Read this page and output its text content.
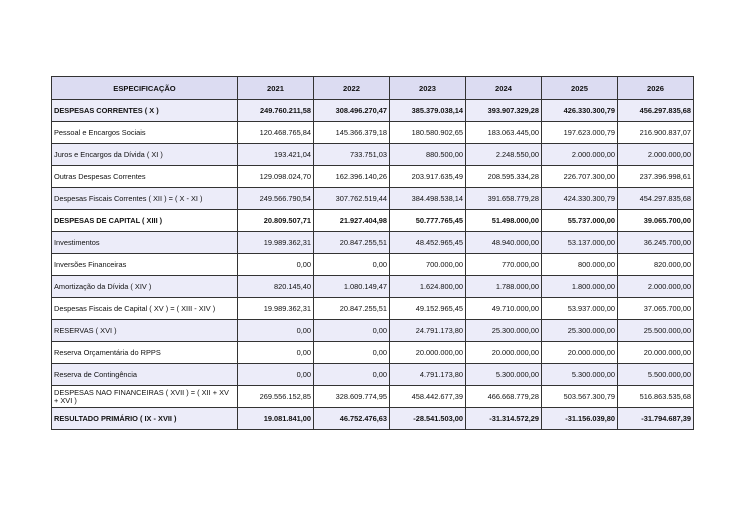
ESPECIFICAÇÃO	2021	2022	2023	2024	2025	2026
DESPESAS CORRENTES ( X )	249.760.211,58	308.496.270,47	385.379.038,14	393.907.329,28	426.330.300,79	456.297.835,68
Pessoal e Encargos Sociais	120.468.765,84	145.366.379,18	180.580.902,65	183.063.445,00	197.623.000,79	216.900.837,07
Juros e Encargos da Dívida ( XI )	193.421,04	733.751,03	880.500,00	2.248.550,00	2.000.000,00	2.000.000,00
Outras Despesas Correntes	129.098.024,70	162.396.140,26	203.917.635,49	208.595.334,28	226.707.300,00	237.396.998,61
Despesas Fiscais Correntes ( XII ) = ( X - XI )	249.566.790,54	307.762.519,44	384.498.538,14	391.658.779,28	424.330.300,79	454.297.835,68
DESPESAS DE CAPITAL ( XIII )	20.809.507,71	21.927.404,98	50.777.765,45	51.498.000,00	55.737.000,00	39.065.700,00
Investimentos	19.989.362,31	20.847.255,51	48.452.965,45	48.940.000,00	53.137.000,00	36.245.700,00
Inversões Financeiras	0,00	0,00	700.000,00	770.000,00	800.000,00	820.000,00
Amortização da Dívida ( XIV )	820.145,40	1.080.149,47	1.624.800,00	1.788.000,00	1.800.000,00	2.000.000,00
Despesas Fiscais de Capital ( XV ) = ( XIII - XIV )	19.989.362,31	20.847.255,51	49.152.965,45	49.710.000,00	53.937.000,00	37.065.700,00
RESERVAS ( XVI )	0,00	0,00	24.791.173,80	25.300.000,00	25.300.000,00	25.500.000,00
Reserva Orçamentária do RPPS	0,00	0,00	20.000.000,00	20.000.000,00	20.000.000,00	20.000.000,00
Reserva de Contingência	0,00	0,00	4.791.173,80	5.300.000,00	5.300.000,00	5.500.000,00
DESPESAS NAO FINANCEIRAS ( XVII ) = ( XII + XV + XVI )	269.556.152,85	328.609.774,95	458.442.677,39	466.668.779,28	503.567.300,79	516.863.535,68
RESULTADO PRIMÁRIO ( IX - XVII )	19.081.841,00	46.752.476,63	-28.541.503,00	-31.314.572,29	-31.156.039,80	-31.794.687,39
